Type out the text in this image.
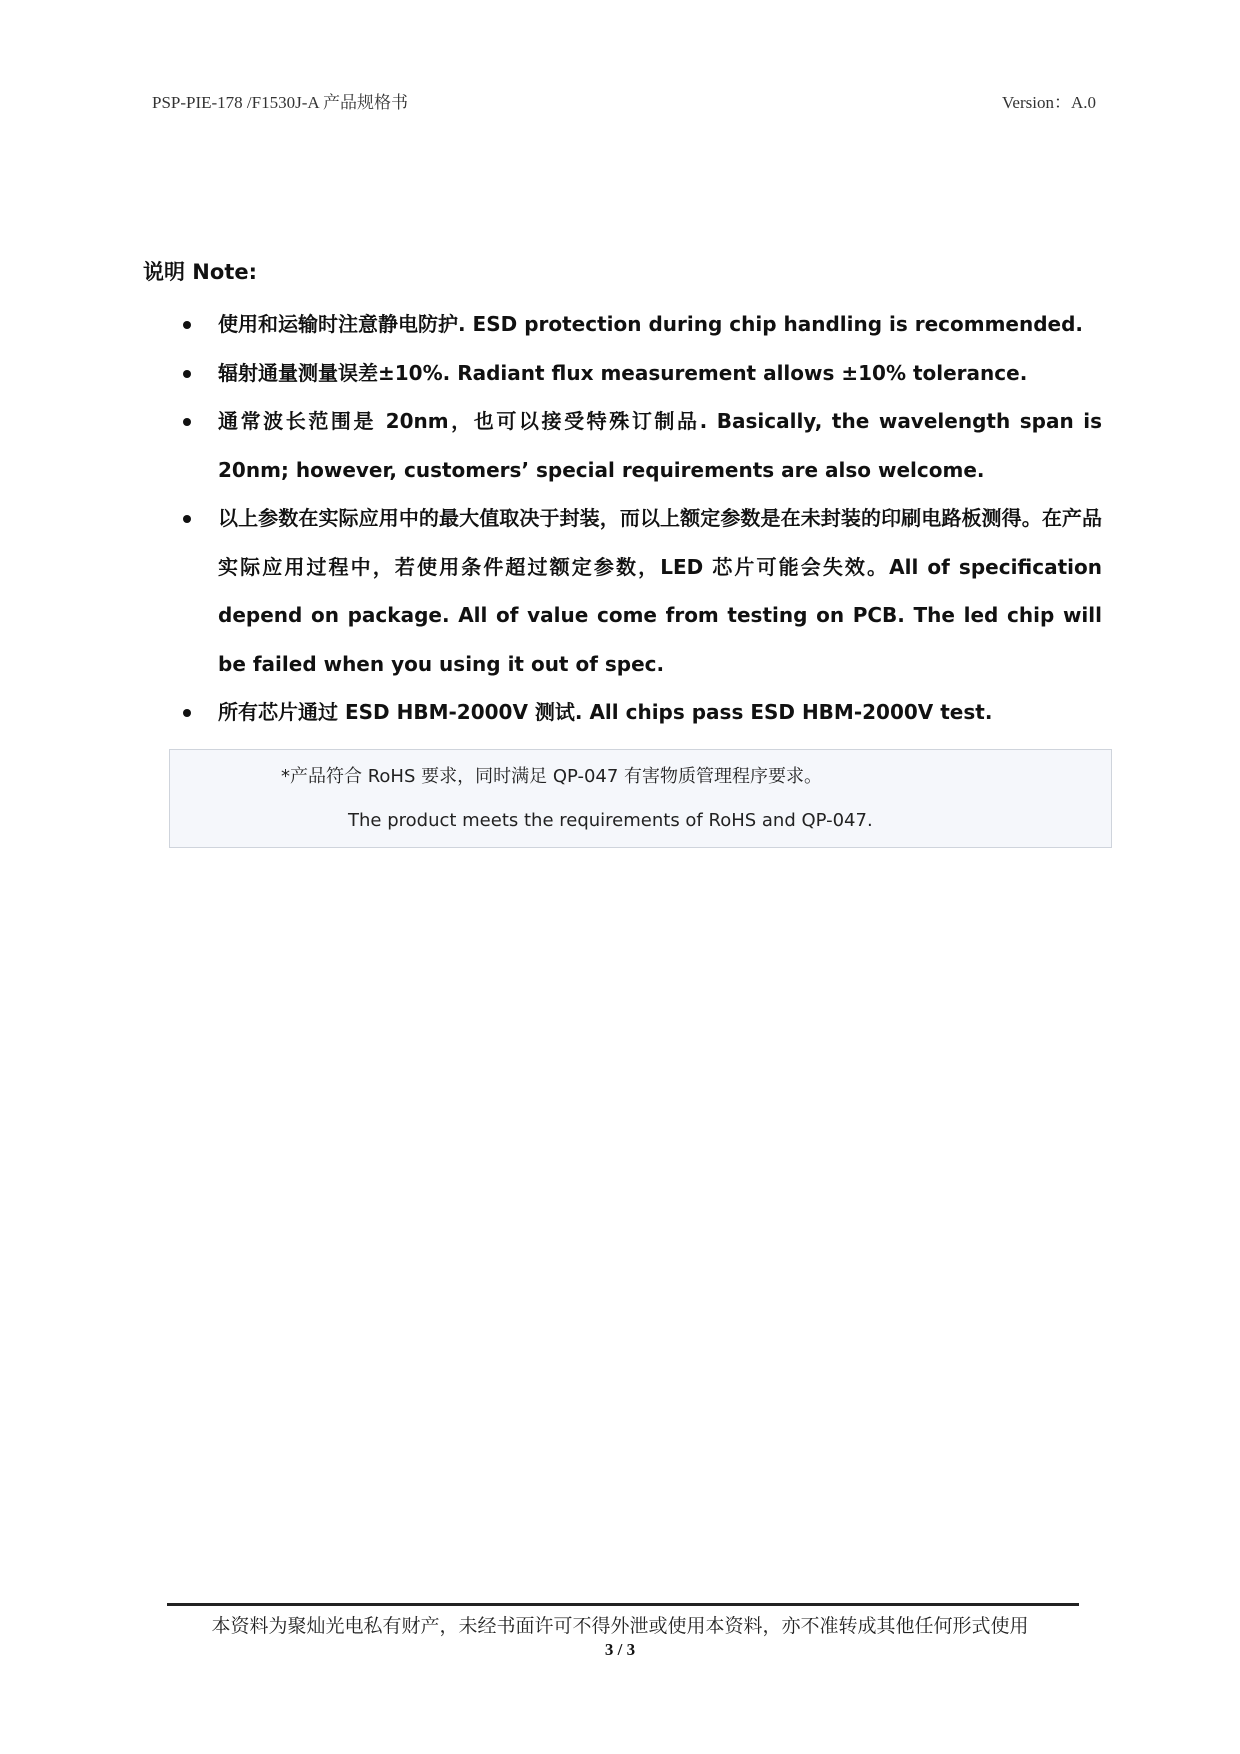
PSP-PIE-178 /F1530J-A 产品规格书	Version：A.0
说明 Note:
使用和运输时注意静电防护. ESD protection during chip handling is recommended.
辐射通量测量误差±10%. Radiant flux measurement allows ±10% tolerance.
通常波长范围是 20nm，也可以接受特殊订制品. Basically, the wavelength span is 20nm; however, customers’ special requirements are also welcome.
以上参数在实际应用中的最大值取决于封装，而以上额定参数是在未封装的印刷电路板测得。在产品实际应用过程中，若使用条件超过额定参数，LED 芯片可能会失效。All of specification depend on package. All of value come from testing on PCB. The led chip will be failed when you using it out of spec.
所有芯片通过 ESD HBM-2000V 测试. All chips pass ESD HBM-2000V test.
*产品符合 RoHS 要求，同时满足 QP-047 有害物质管理程序要求。
The product meets the requirements of RoHS and QP-047.
本资料为聚灿光电私有财产，未经书面许可不得外泄或使用本资料，亦不准转成其他任何形式使用
3 / 3
